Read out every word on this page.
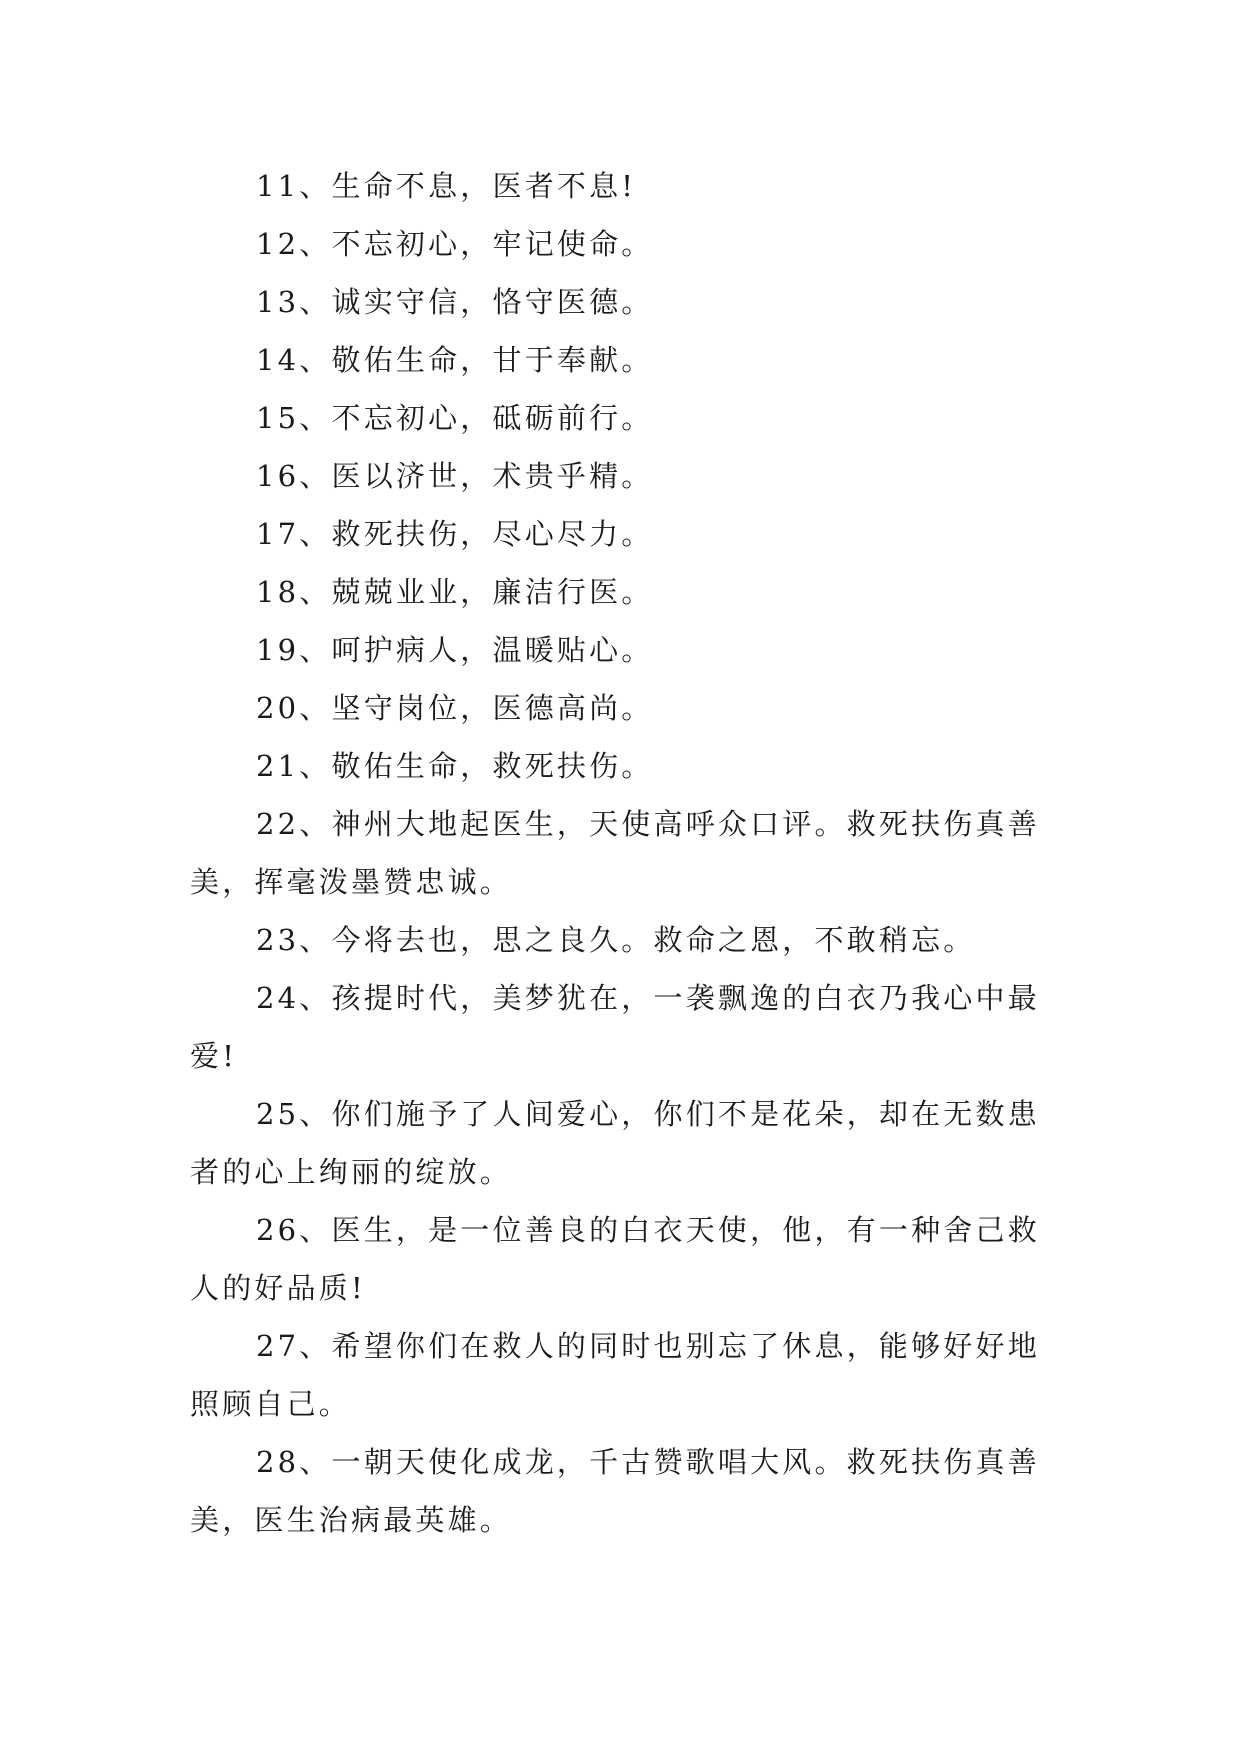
11、生命不息，医者不息!

12、不忘初心，牢记使命。

13、诚实守信，恪守医德。

14、敬佑生命，甘于奉献。

15、不忘初心，砥砺前行。

16、医以济世，术贵乎精。

17、救死扶伤，尽心尽力。

18、兢兢业业，廉洁行医。

19、呵护病人，温暖贴心。

20、坚守岗位，医德高尚。

21、敬佑生命，救死扶伤。

22、神州大地起医生，天使高呼众口评。救死扶伤真善美，挥毫泼墨赞忠诚。

23、今将去也，思之良久。救命之恩，不敢稍忘。

24、孩提时代，美梦犹在，一袭飘逸的白衣乃我心中最爱!

25、你们施予了人间爱心，你们不是花朵，却在无数患者的心上绚丽的绽放。

26、医生，是一位善良的白衣天使，他，有一种舍己救人的好品质!

27、希望你们在救人的同时也别忘了休息，能够好好地照顾自己。

28、一朝天使化成龙，千古赞歌唱大风。救死扶伤真善美，医生治病最英雄。
